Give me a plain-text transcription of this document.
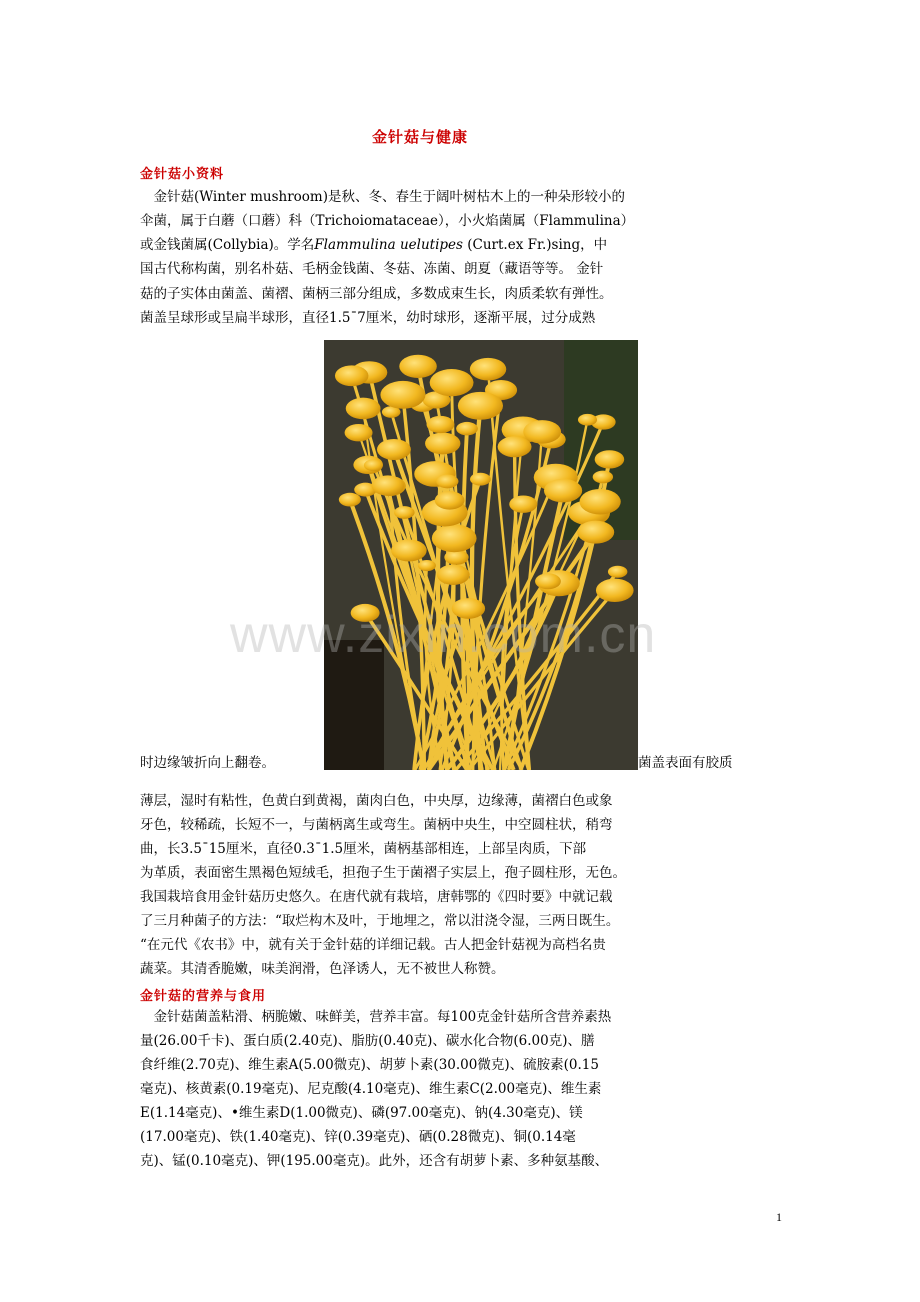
金针菇与健康
金针菇小资料
　金针菇(Winter mushroom)是秋、冬、春生于阔叶树枯木上的一种朵形较小的
伞菌，属于白蘑（口蘑）科（Trichoiomataceae），小火焰菌属（Flammulina）
或金钱菌属(Collybia)。学名Flammulina uelutipes (Curt.ex Fr.)sing，中
国古代称构菌，别名朴菇、毛柄金钱菌、冬菇、冻菌、朗夏（藏语等等。 金针
菇的子实体由菌盖、菌褶、菌柄三部分组成，多数成束生长，肉质柔软有弹性。
菌盖呈球形或呈扁半球形，直径1.5¯7厘米，幼时球形，逐渐平展，过分成熟
时边缘皱折向上翻卷。	菌盖表面有胶质
薄层，湿时有粘性，色黄白到黄褐，菌肉白色，中央厚，边缘薄，菌褶白色或象
牙色，较稀疏，长短不一，与菌柄离生或弯生。菌柄中央生，中空圆柱状，稍弯
曲，长3.5¯15厘米，直径0.3¯1.5厘米，菌柄基部相连，上部呈肉质，下部
为革质，表面密生黑褐色短绒毛，担孢子生于菌褶子实层上，孢子圆柱形，无色。
我国栽培食用金针菇历史悠久。在唐代就有栽培，唐韩鄂的《四时要》中就记载
了三月种菌子的方法：“取烂构木及叶，于地埋之，常以泔浇令湿，三两日既生。
“在元代《农书》中，就有关于金针菇的详细记载。古人把金针菇视为高档名贵
蔬菜。其清香脆嫩，味美润滑，色泽诱人，无不被世人称赞。
金针菇的营养与食用
　金针菇菌盖粘滑、柄脆嫩、味鲜美，营养丰富。每100克金针菇所含营养素热
量(26.00千卡)、蛋白质(2.40克)、脂肪(0.40克)、碳水化合物(6.00克)、膳
食纤维(2.70克)、维生素A(5.00微克)、胡萝卜素(30.00微克)、硫胺素(0.15
毫克)、核黄素(0.19毫克)、尼克酸(4.10毫克)、维生素C(2.00毫克)、维生素
E(1.14毫克)、•维生素D(1.00微克)、磷(97.00毫克)、钠(4.30毫克)、镁
(17.00毫克)、铁(1.40毫克)、锌(0.39毫克)、硒(0.28微克)、铜(0.14毫
克)、锰(0.10毫克)、钾(195.00毫克)。此外，还含有胡萝卜素、多种氨基酸、
www.zixin.com.cn
1
